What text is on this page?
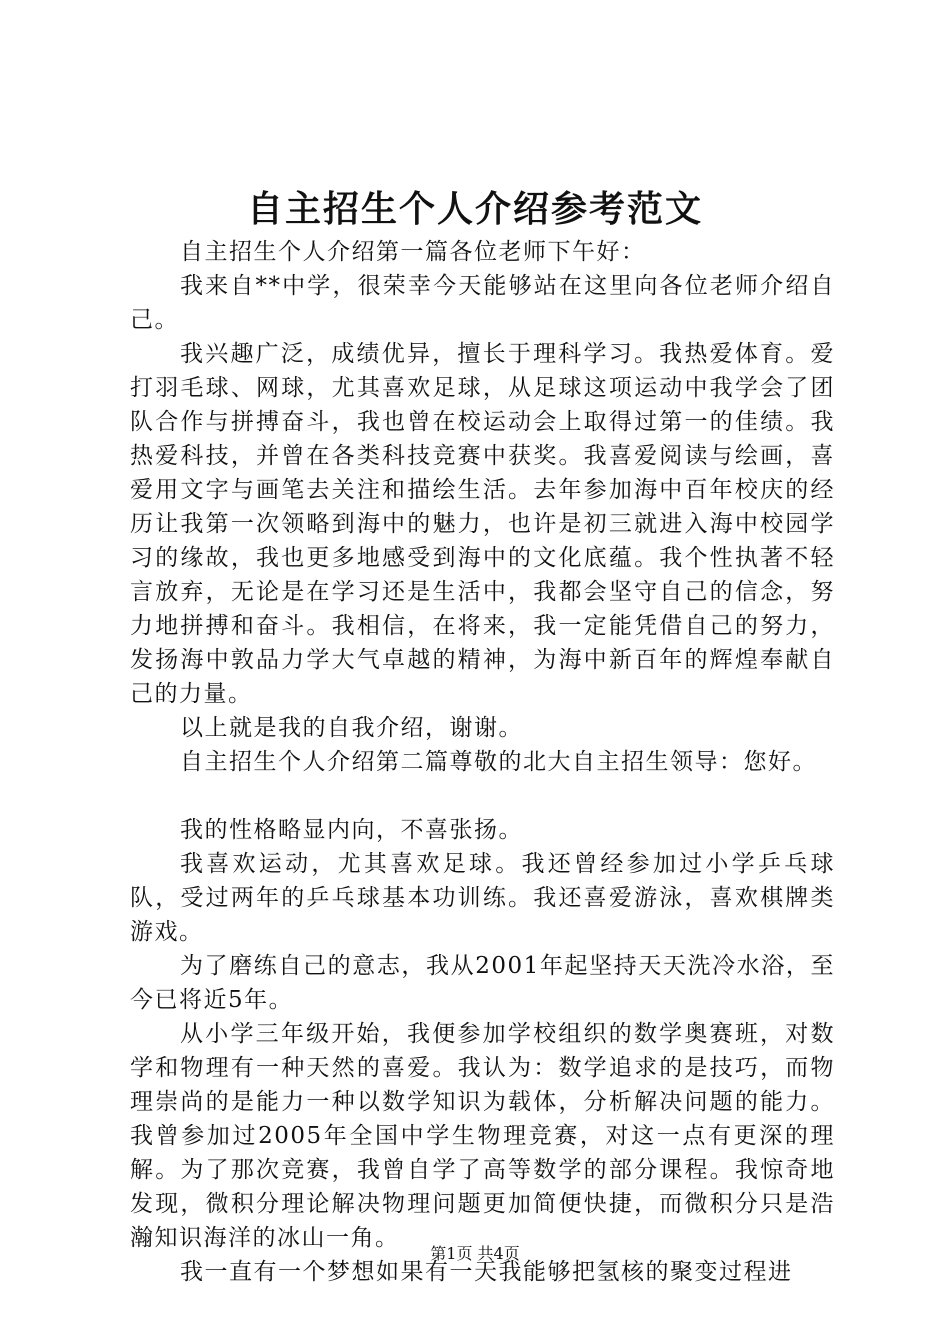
自主招生个人介绍参考范文

自主招生个人介绍第一篇各位老师下午好：

我来自**中学，很荣幸今天能够站在这里向各位老师介绍自己。

我兴趣广泛，成绩优异，擅长于理科学习。我热爱体育。爱打羽毛球、网球，尤其喜欢足球，从足球这项运动中我学会了团队合作与拼搏奋斗，我也曾在校运动会上取得过第一的佳绩。我热爱科技，并曾在各类科技竞赛中获奖。我喜爱阅读与绘画，喜爱用文字与画笔去关注和描绘生活。去年参加海中百年校庆的经历让我第一次领略到海中的魅力，也许是初三就进入海中校园学习的缘故，我也更多地感受到海中的文化底蕴。我个性执著不轻言放弃，无论是在学习还是生活中，我都会坚守自己的信念，努力地拼搏和奋斗。我相信，在将来，我一定能凭借自己的努力，发扬海中敦品力学大气卓越的精神，为海中新百年的辉煌奉献自己的力量。

以上就是我的自我介绍，谢谢。

自主招生个人介绍第二篇尊敬的北大自主招生领导：您好。

我的性格略显内向，不喜张扬。

我喜欢运动，尤其喜欢足球。我还曾经参加过小学乒乓球队，受过两年的乒乓球基本功训练。我还喜爱游泳，喜欢棋牌类游戏。

为了磨练自己的意志，我从2001年起坚持天天洗冷水浴，至今已将近5年。

从小学三年级开始，我便参加学校组织的数学奥赛班，对数学和物理有一种天然的喜爱。我认为：数学追求的是技巧，而物理崇尚的是能力一种以数学知识为载体，分析解决问题的能力。我曾参加过2005年全国中学生物理竞赛，对这一点有更深的理解。为了那次竞赛，我曾自学了高等数学的部分课程。我惊奇地发现，微积分理论解决物理问题更加简便快捷，而微积分只是浩瀚知识海洋的冰山一角。

我一直有一个梦想如果有一天我能够把氢核的聚变过程进

第1页 共4页
